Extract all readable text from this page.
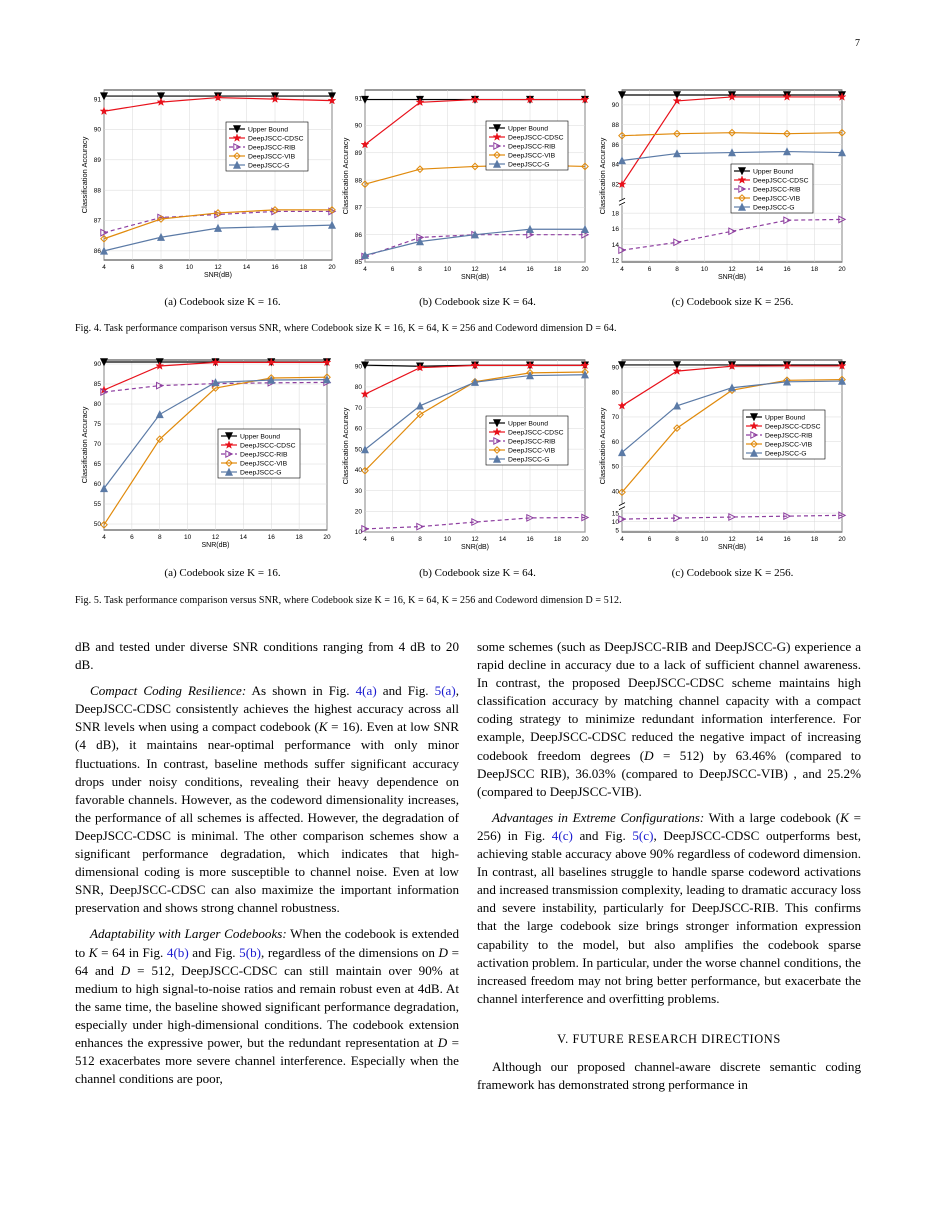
7
4	6	8	10	12	14	16	18	20
86
87
88
89
90
91
SNR(dB)
Classification Accuracy
Upper Bound
DeepJSCC-CDSC
DeepJSCC-RIB
DeepJSCC-VIB
DeepJSCC-G
4	6	8	10	12	14	16	18	20
85
86
87
88
89
90
91
SNR(dB)
Classification Accuracy
Upper Bound
DeepJSCC-CDSC
DeepJSCC-RIB
DeepJSCC-VIB
DeepJSCC-G
4	6	8	10	12	14	16	18	20
12
14
16
18
82
84
86
88
90
SNR(dB)
Classification Accuracy	Upper Bound
DeepJSCC-CDSC
DeepJSCC-RIB
DeepJSCC-VIB
DeepJSCC-G
(a) Codebook size K = 16.	(b) Codebook size K = 64.	(c) Codebook size K = 256.
Fig. 4. Task performance comparison versus SNR, where Codebook size K = 16, K = 64, K = 256 and Codeword dimension D = 64.
4	6	8	10	12	14	16	18	20
50
55
60
65
70
75
80
85
90
SNR(dB)
Classification Accuracy	Upper Bound
DeepJSCC-CDSC
DeepJSCC-RIB
DeepJSCC-VIB
DeepJSCC-G
4	6	8	10	12	14	16	18	20
10
20
30
40
50
60
70
80
90
SNR(dB)
Classification Accuracy	Upper Bound
DeepJSCC-CDSC
DeepJSCC-RIB
DeepJSCC-VIB
DeepJSCC-G
4	6	8	10	12	14	16	18	20
5
10
15
40
50
60
70
80
90
SNR(dB)
Classification Accuracy	Upper Bound
DeepJSCC-CDSC
DeepJSCC-RIB
DeepJSCC-VIB
DeepJSCC-G
(a) Codebook size K = 16.	(b) Codebook size K = 64.	(c) Codebook size K = 256.
Fig. 5. Task performance comparison versus SNR, where Codebook size K = 16, K = 64, K = 256 and Codeword dimension D = 512.

dB and tested under diverse SNR conditions ranging from 4 dB to 20 dB.

Compact Coding Resilience: As shown in Fig. 4(a) and Fig. 5(a), DeepJSCC-CDSC consistently achieves the highest accuracy across all SNR levels when using a compact codebook (K = 16). Even at low SNR (4 dB), it maintains near-optimal performance with only minor fluctuations. In contrast, baseline methods suffer significant accuracy drops under noisy conditions, revealing their heavy dependence on favorable channels. However, as the codeword dimensionality increases, the performance of all schemes is affected. However, the degradation of DeepJSCC-CDSC is minimal. The other comparison schemes show a significant performance degradation, which indicates that high-dimensional coding is more susceptible to channel noise. Even at low SNR, DeepJSCC-CDSC can also maximize the important information preservation and shows strong channel robustness.

Adaptability with Larger Codebooks: When the codebook is extended to K = 64 in Fig. 4(b) and Fig. 5(b), regardless of the dimensions on D = 64 and D = 512, DeepJSCC-CDSC can still maintain over 90% at medium to high signal-to-noise ratios and remain robust even at 4dB. At the same time, the baseline showed significant performance degradation, especially under high-dimensional conditions. The codebook extension enhances the expressive power, but the redundant representation at D = 512 exacerbates more severe channel interference. Especially when the channel conditions are poor,

some schemes (such as DeepJSCC-RIB and DeepJSCC-G) experience a rapid decline in accuracy due to a lack of sufficient channel awareness. In contrast, the proposed DeepJSCC-CDSC scheme maintains high classification accuracy by matching channel capacity with a compact coding strategy to minimize redundant information interference. For example, DeepJSCC-CDSC reduced the negative impact of increasing codebook freedom degrees (D = 512) by 63.46% (compared to DeepJSCC RIB), 36.03% (compared to DeepJSCC-VIB) , and 25.2% (compared to DeepJSCC-VIB).

Advantages in Extreme Configurations: With a large codebook (K = 256) in Fig. 4(c) and Fig. 5(c), DeepJSCC-CDSC outperforms best, achieving stable accuracy above 90% regardless of codeword dimension. In contrast, all baselines struggle to handle sparse codeword activations and increased transmission complexity, leading to dramatic accuracy loss and severe instability, particularly for DeepJSCC-RIB. This confirms that the large codebook size brings stronger information expression capability to the model, but also amplifies the codebook sparse activation problem. In particular, under the worse channel conditions, the increased freedom may not bring better performance, but exacerbate the channel interference and overfitting problems.

V. FUTURE RESEARCH DIRECTIONS

Although our proposed channel-aware discrete semantic coding framework has demonstrated strong performance in
